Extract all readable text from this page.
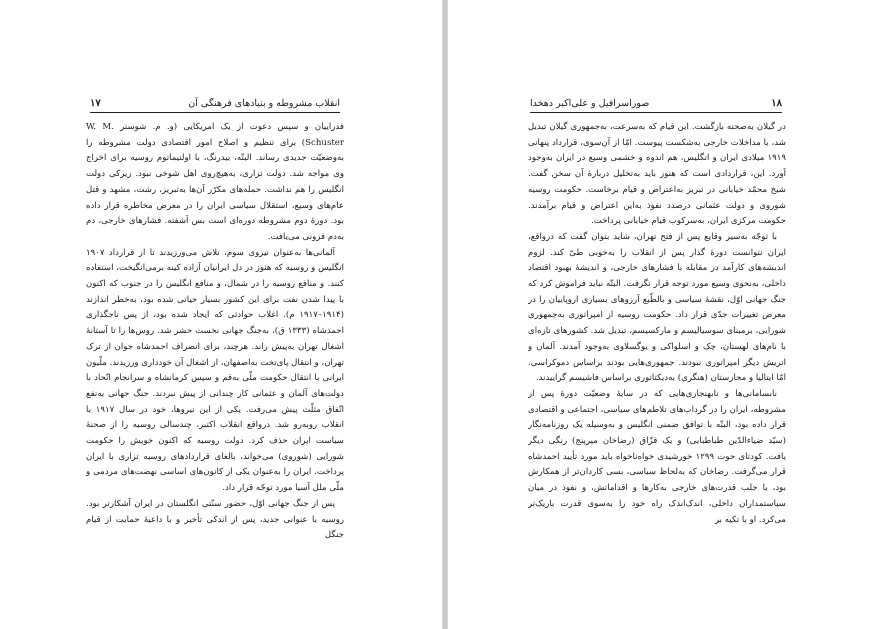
۱۷	انقلاب مشروطه و بنیادهای فرهنگی آن

فدراییان و سپس دعوت از یک امریکایی (و. م. شوستر W. M. Schuster) برای تنظیم و اصلاح امور اقتصادی دولت مشروطه را به‌وضعیّت جدیدی رساند. البتّه، بیدرنگ، با اولتیماتوم روسیه برای اخراج وی مواجه شد. دولت تزاری، به‌هیچ‌روی اهل شوخی نبود. زیرکی دولت انگلیس را هم نداشت. حمله‌های مکرّر آن‌ها به‌تبریز، رشت، مشهد و قتل عام‌های وسیع، استقلال سیاسی ایران را در معرض مخاطره قرار داده بود. دورهٔ دوم مشروطه دوره‌ای است بس آشفته. فشارهای خارجی، دم به‌دم فزونی می‌یافت.

آلمانی‌ها به‌عنوان نیروی سوم، تلاش می‌ورزیدند تا از قرارداد ۱۹۰۷ انگلیس و روسیه که هنوز در دل ایرانیان آزاده کینه برمی‌انگیخت، استفاده کنند. و منافع روسیه را در شمال، و منافع انگلیس را در جنوب که اکنون با پیدا شدن نفت برای این کشور بسیار حیاتی شده بود، به‌خطر اندازند (۱۹۱۴–۱۹۱۷ م). اغلاب حوادثی که ایجاد شده بود، از پس تاجگذاری احمدشاه (۱۳۳۳ ق)، به‌جنگ جهانی نخست حشر شد. روس‌ها را تا آستانهٔ اشغال تهران به‌پیش راند. هرچند، برای انصراف احمدشاه جوان از ترک تهران، و انتقال پای‌تخت به‌اصفهان، از اشغال آن خودداری ورزیدند. ملّیون ایرانی با انتقال حکومت ملّی به‌قم و سپس کرمانشاه و سرانجام اتّحاد با دولت‌های آلمان و عثمانی کار چندانی از پیش نبردند. جنگ جهانی به‌نفع اتّفاق مثلّث پیش می‌رفت. یکی از این نیروها، خود در سال ۱۹۱۷ با انقلاب روبه‌رو شد. درواقع انقلاب اکتبر، چندسالی روسیه را از صحنهٔ سیاست ایران حذف کرد. دولت روسیه که اکنون خویش را حکومت شورایی (شوروی) می‌خواند، با‌لغای قراردادهای روسیه تزاری با ایران پرداخت. ایران را به‌عنوان یکی از کانون‌های اساسی نهضت‌های مردمی و ملّی ملل آسیا مورد توجّه قرار داد.

پس از جنگ جهانی اوّل، حضور سنّتی انگلستان در ایران آشکارتر بود. روسیه با عنوانی جدید، پس از اندکی تأخیر و با داعیهٔ حمایت از قیام جنگل

۱۸
صوراسرافیل و علی‌اکبر دهخدا

در گیلان به‌صحنه بازگشت. این قیام که به‌سرعت، به‌جمهوری گیلان تبدیل شد، با مداخلات خارجی به‌شکست پیوست. امّا از آن‌سوی، قرارداد پنهانی ۱۹۱۹ میلادی ایران و انگلیس، هم اندوه و خشمی وسیع در ایران به‌وجود آورد. این، قراردادی است که هنوز باید به‌تحلیل دربارهٔ آن سخن گفت. شیخ محمّد خیابانی در تبریز به‌اعتراض و قیام برخاست. حکومت روسیه شوروی و دولت عثمانی درصدد نفوذ به‌این اعتراض و قیام برآمدند. حکومت مرکزی ایران، به‌سرکوب قیام خیابانی پرداخت.

با توجّه به‌سیر وقایع پس از فتح تهران، شاید بتوان گفت که درواقع، ایران نتوانست دورهٔ گذار پس از انقلاب را به‌خوبی طیّ کند. لزوم اندیشه‌های کارآمد در مقابله با فشارهای خارجی، و اندیشهٔ بهبود اقتصاد داخلی، به‌نحوی وسیع مورد توجه قرار نگرفت. البتّه نباید فراموش کرد که جنگ جهانی اوّل، نقشهٔ سیاسی و بالطّبع آرزوهای بسیاری اروپاییان را در معرض تغییرات جدّی قرار داد. حکومت روسیه از امپراتوری به‌جمهوری شورایی، برمبنای سوسیالیسم و مارکسیسم، تبدیل شد. کشورهای تازه‌ای با نام‌های لهستان، چک و اسلواکی و یوگسلاوی به‌وجود آمدند. آلمان و اتریش دیگر امپراتوری نبودند. جمهوری‌هایی بودند براساس دموکراسی. امّا ایتالیا و مجارستان (هنگری) به‌دیکتاتوری براساس فاشیسم گراییدند.

نابسامانی‌ها و نابهنجاری‌هایی که در سایهٔ وضعیّت دورهٔ پس از مشروطه، ایران را در گرداب‌های تلاطم‌های سیاسی، اجتماعی و اقتصادی قرار داده بود، البتّه با توافق ضمنی انگلیس و به‌وسیله یک روزنامه‌نگار (سیّد ضیاءالدّین طباطبایی) و یک قزّاق (رضاخان میرپنج) رنگی دیگر یافت. کودتای حوت ۱۲۹۹ خورشیدی خواه‌ناخواه باید مورد تأیید احمدشاه قرار می‌گرفت. رضاخان که به‌لحاظ سیاسی، بسی کاردان‌تر از همکارش بود، با جلب قدرت‌های خارجی به‌کارها و اقداماتش، و نفوذ در میان سیاستمداران داخلی، اندک‌اندک راه خود را به‌سوی قدرت باریک‌تر می‌کرد. او با تکیه بر
